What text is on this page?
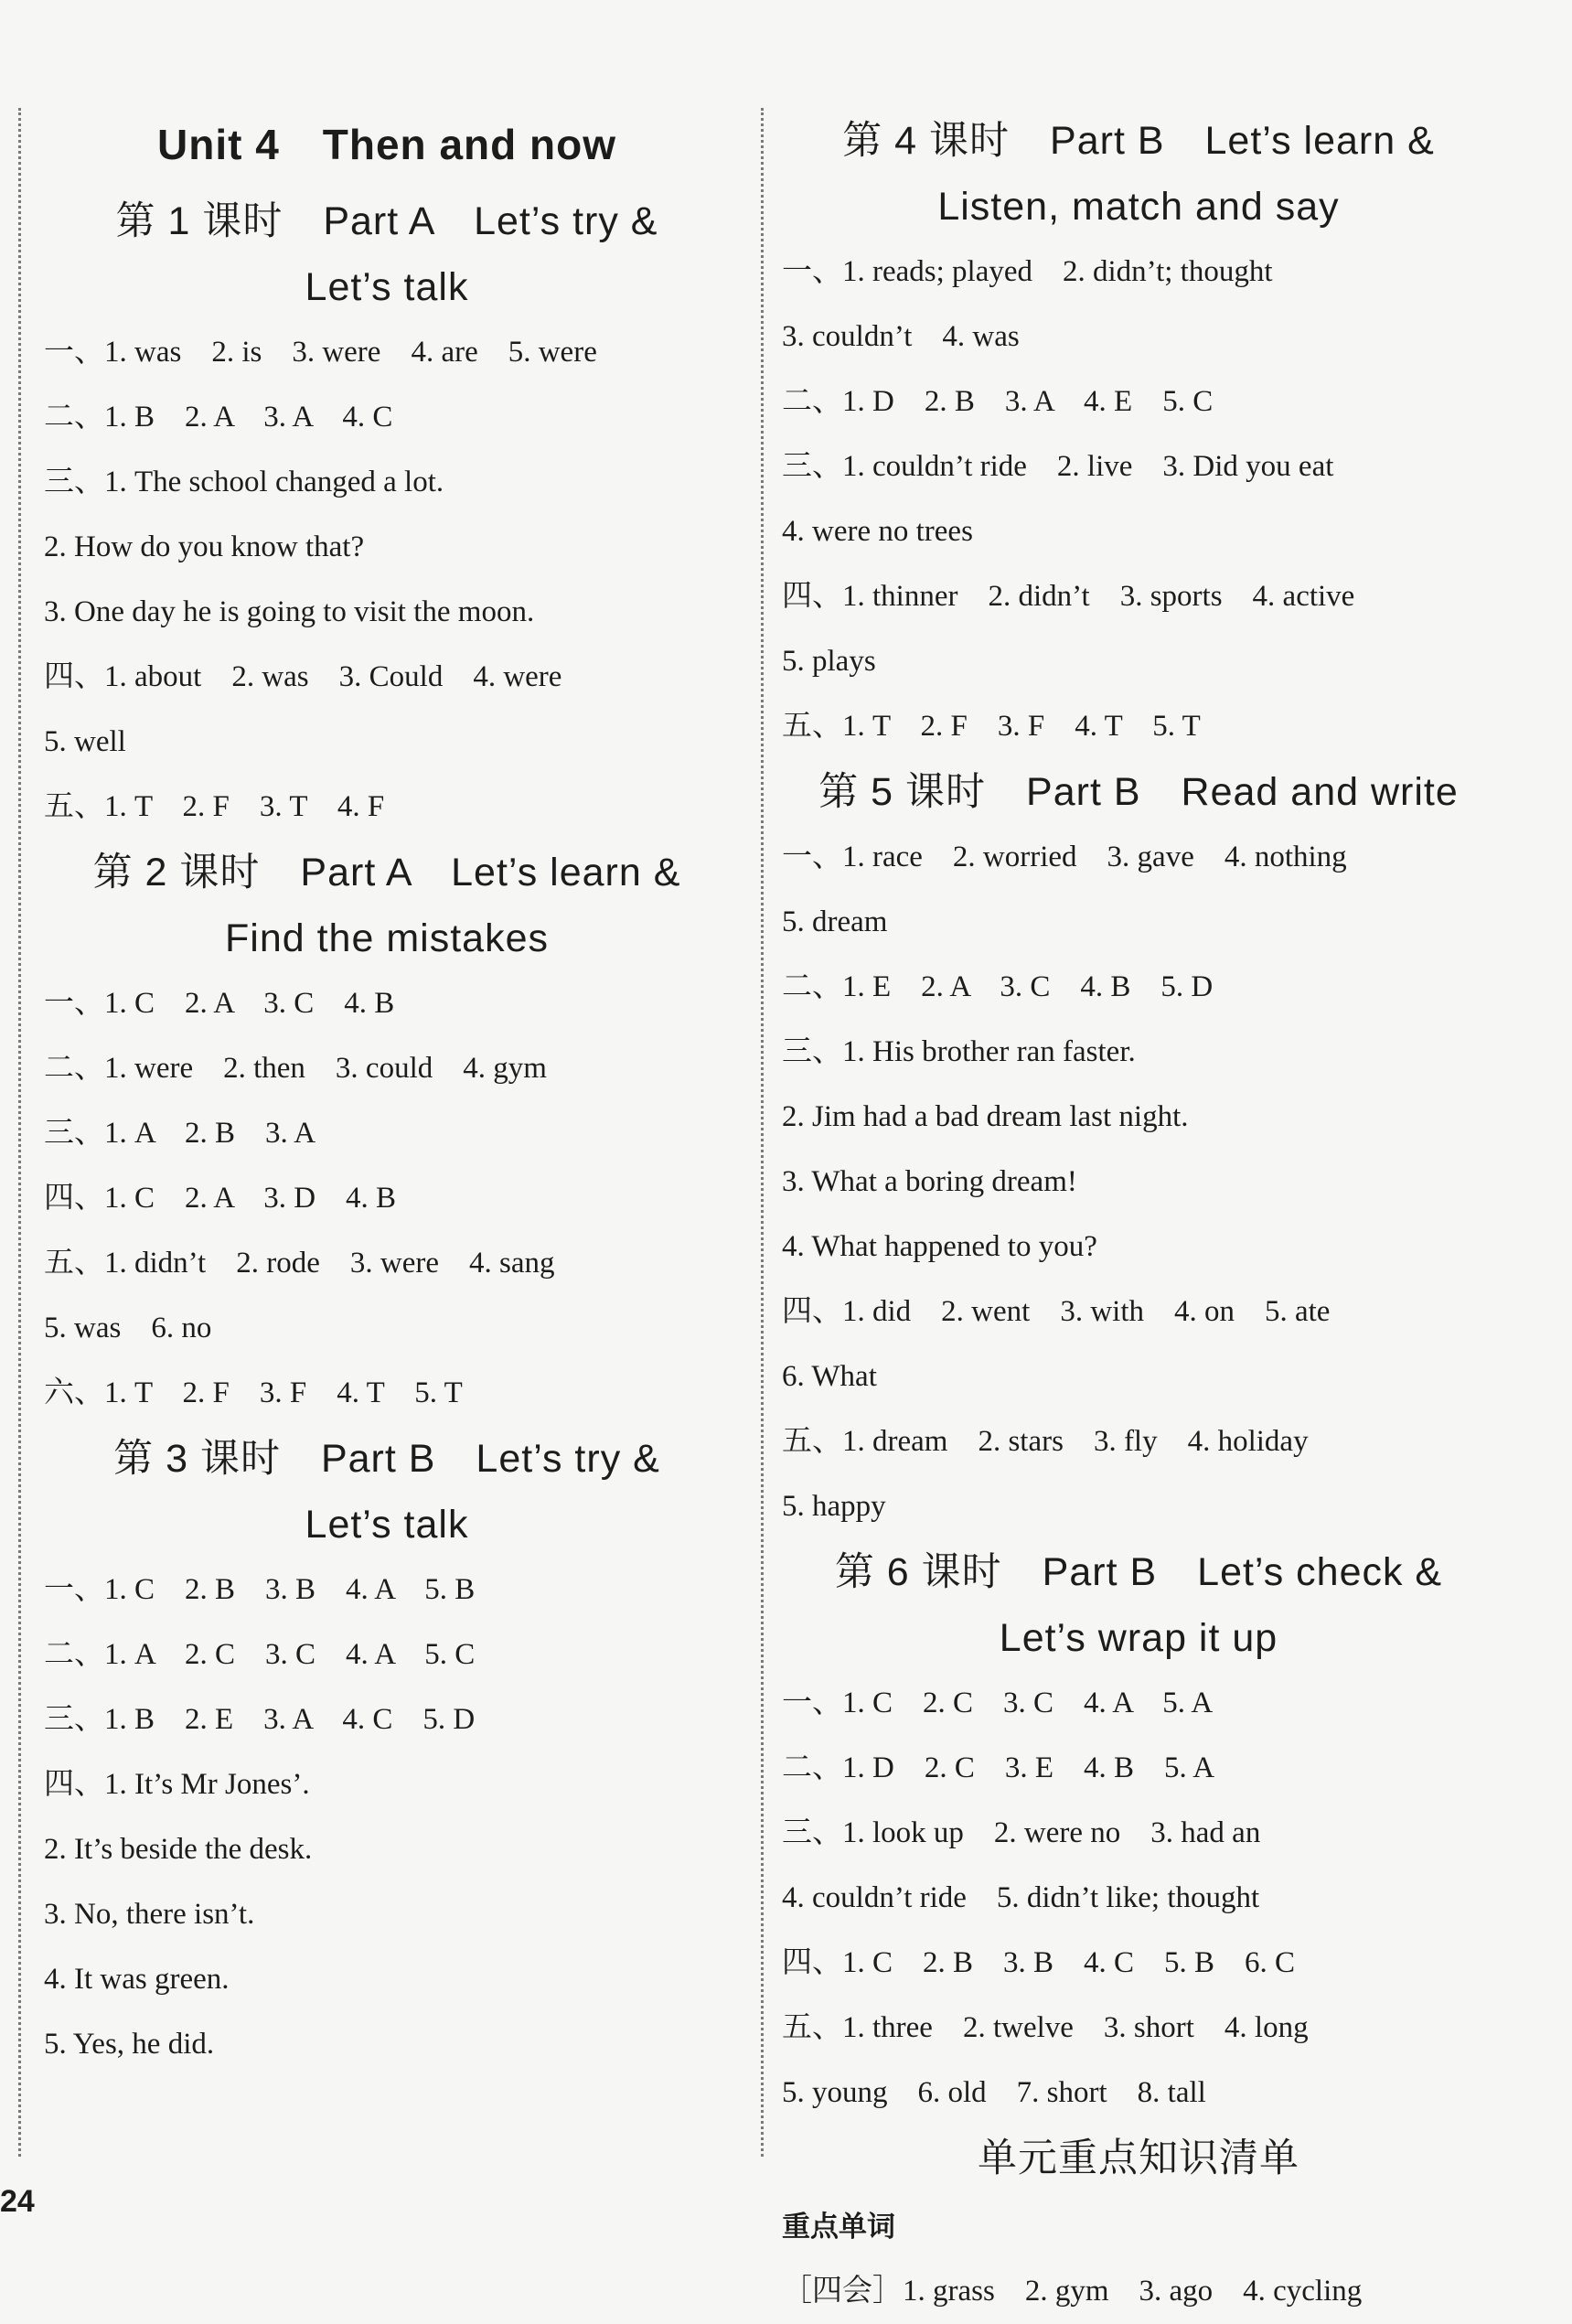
Unit 4　Then and now
第 1 课时　Part A　Let’s try &
Let’s talk
一、1. was　2. is　3. were　4. are　5. were
二、1. B　2. A　3. A　4. C
三、1. The school changed a lot.
2. How do you know that?
3. One day he is going to visit the moon.
四、1. about　2. was　3. Could　4. were
5. well
五、1. T　2. F　3. T　4. F
第 2 课时　Part A　Let’s learn &
Find the mistakes
一、1. C　2. A　3. C　4. B
二、1. were　2. then　3. could　4. gym
三、1. A　2. B　3. A
四、1. C　2. A　3. D　4. B
五、1. didn’t　2. rode　3. were　4. sang
5. was　6. no
六、1. T　2. F　3. F　4. T　5. T
第 3 课时　Part B　Let’s try &
Let’s talk
一、1. C　2. B　3. B　4. A　5. B
二、1. A　2. C　3. C　4. A　5. C
三、1. B　2. E　3. A　4. C　5. D
四、1. It’s Mr Jones’.
2. It’s beside the desk.
3. No, there isn’t.
4. It was green.
5. Yes, he did.
第 4 课时　Part B　Let’s learn &
Listen, match and say
一、1. reads; played　2. didn’t; thought
3. couldn’t　4. was
二、1. D　2. B　3. A　4. E　5. C
三、1. couldn’t ride　2. live　3. Did you eat
4. were no trees
四、1. thinner　2. didn’t　3. sports　4. active
5. plays
五、1. T　2. F　3. F　4. T　5. T
第 5 课时　Part B　Read and write
一、1. race　2. worried　3. gave　4. nothing
5. dream
二、1. E　2. A　3. C　4. B　5. D
三、1. His brother ran faster.
2. Jim had a bad dream last night.
3. What a boring dream!
4. What happened to you?
四、1. did　2. went　3. with　4. on　5. ate
6. What
五、1. dream　2. stars　3. fly　4. holiday
5. happy
第 6 课时　Part B　Let’s check &
Let’s wrap it up
一、1. C　2. C　3. C　4. A　5. A
二、1. D　2. C　3. E　4. B　5. A
三、1. look up　2. were no　3. had an
4. couldn’t ride　5. didn’t like; thought
四、1. C　2. B　3. B　4. C　5. B　6. C
五、1. three　2. twelve　3. short　4. long
5. young　6. old　7. short　8. tall
单元重点知识清单
重点单词
［四会］1. grass　2. gym　3. ago　4. cycling
24
